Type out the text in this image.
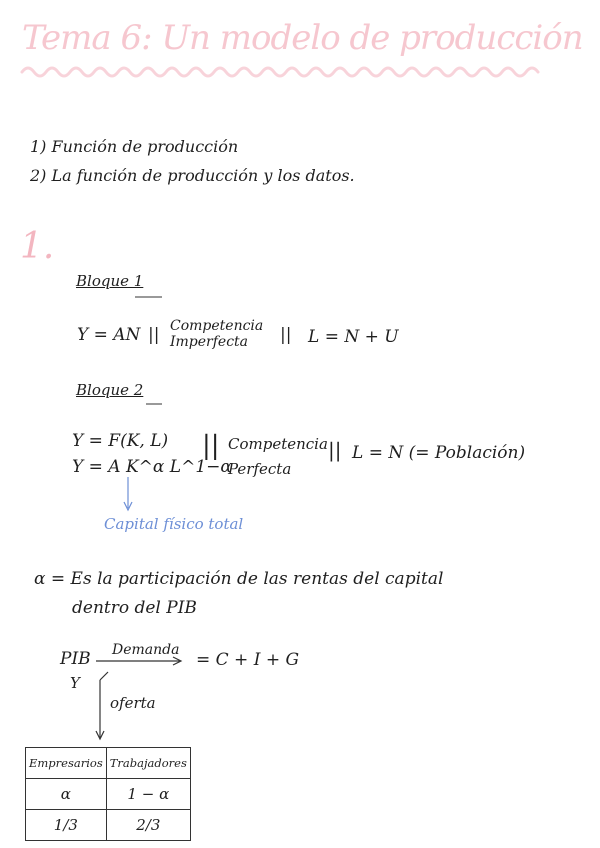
Tema 6: Un modelo de producción
1) Función de producción
2) La función de producción y los datos.
1.
Bloque 1
Y = AN || Competencia
Imperfecta || L = N + U
Bloque 2
Y = F(K, L)
Y = A K^α L^1−α
|| Competencia
Perfecta
|| L = N (= Población)
Capital físico total
α = Es la participación de las rentas del capital
dentro del PIB
PIB
Y
Demanda = C + I + G
oferta
Empresarios	Trabajadores
α	1 − α
1/3	2/3
